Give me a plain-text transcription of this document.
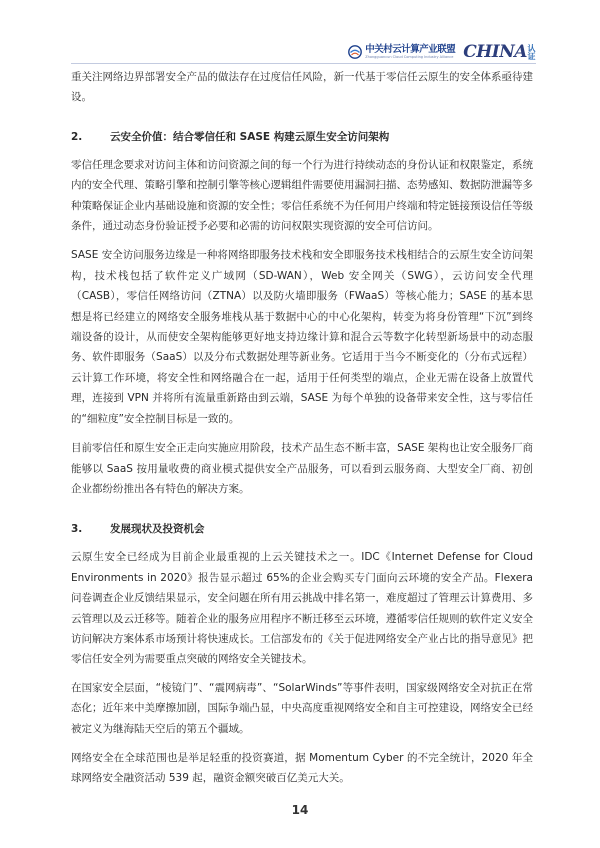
中关村云计算产业联盟
Zhongguancun Cloud Computing Industry Alliance CHINA 认证

重关注网络边界部署安全产品的做法存在过度信任风险，新一代基于零信任云原生的安全体系亟待建设。

2.	云安全价值：结合零信任和 SASE 构建云原生安全访问架构

零信任理念要求对访问主体和访问资源之间的每一个行为进行持续动态的身份认证和权限鉴定，系统内的安全代理、策略引擎和控制引擎等核心逻辑组件需要使用漏洞扫描、态势感知、数据防泄漏等多种策略保证企业内基础设施和资源的安全性；零信任系统不为任何用户终端和特定链接预设信任等级条件，通过动态身份验证授予必要和必需的访问权限实现资源的安全可信访问。

SASE 安全访问服务边缘是一种将网络即服务技术栈和安全即服务技术栈相结合的云原生安全访问架构，技术栈包括了软件定义广域网（SD-WAN），Web 安全网关（SWG），云访问安全代理（CASB），零信任网络访问（ZTNA）以及防火墙即服务（FWaaS）等核心能力；SASE 的基本思想是将已经建立的网络安全服务堆栈从基于数据中心的中心化架构，转变为将身份管理“下沉”到终端设备的设计，从而使安全架构能够更好地支持边缘计算和混合云等数字化转型新场景中的动态服务、软件即服务（SaaS）以及分布式数据处理等新业务。它适用于当今不断变化的（分布式远程）云计算工作环境，将安全性和网络融合在一起，适用于任何类型的端点，企业无需在设备上放置代理，连接到 VPN 并将所有流量重新路由到云端，SASE 为每个单独的设备带来安全性，这与零信任的“细粒度”安全控制目标是一致的。

目前零信任和原生安全正走向实施应用阶段，技术产品生态不断丰富，SASE 架构也让安全服务厂商能够以 SaaS 按用量收费的商业模式提供安全产品服务，可以看到云服务商、大型安全厂商、初创企业都纷纷推出各有特色的解决方案。

3.	发展现状及投资机会

云原生安全已经成为目前企业最重视的上云关键技术之一。IDC《Internet Defense for Cloud Environments in 2020》报告显示超过 65%的企业会购买专门面向云环境的安全产品。Flexera 问卷调查企业反馈结果显示，安全问题在所有用云挑战中排名第一，难度超过了管理云计算费用、多云管理以及云迁移等。随着企业的服务应用程序不断迁移至云环境，遵循零信任规则的软件定义安全访问解决方案体系市场预计将快速成长。工信部发布的《关于促进网络安全产业占比的指导意见》把零信任安全列为需要重点突破的网络安全关键技术。

在国家安全层面，“棱镜门”、“震网病毒”、“SolarWinds”等事件表明，国家级网络安全对抗正在常态化；近年来中美摩擦加剧，国际争端凸显，中央高度重视网络安全和自主可控建设，网络安全已经被定义为继海陆天空后的第五个疆域。

网络安全在全球范围也是举足轻重的投资赛道，据 Momentum Cyber 的不完全统计，2020 年全球网络安全融资活动 539 起，融资金额突破百亿美元大关。

14
